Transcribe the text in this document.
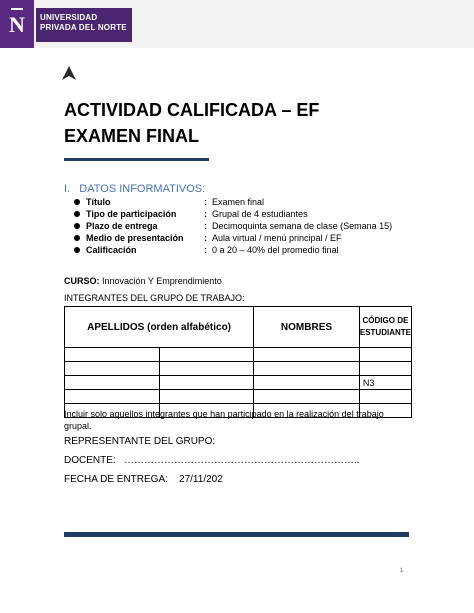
N UNIVERSIDAD
PRIVADA DEL NORTE
ACTIVIDAD CALIFICADA – EF
EXAMEN FINAL
I.   DATOS INFORMATIVOS:
Título	: Examen final
Tipo de participación	: Grupal de 4 estudiantes
Plazo de entrega	: Decimoquinta semana de clase (Semana 15)
Medio de presentación : Aula virtual / menú principal / EF
Calificación	: 0 a 20 – 40% del promedio final
CURSO: Innovación Y Emprendimiento
INTEGRANTES DEL GRUPO DE TRABAJO:
APELLIDOS (orden alfabético)		NOMBRES	CÓDIGO DE ESTUDIANTE

			N3

Incluir solo aquellos integrantes que han participado en la realización del trabajo grupal.
REPRESENTANTE DEL GRUPO:
DOCENTE: ……………………………………………………………..
FECHA DE ENTREGA: 27/11/202
1
